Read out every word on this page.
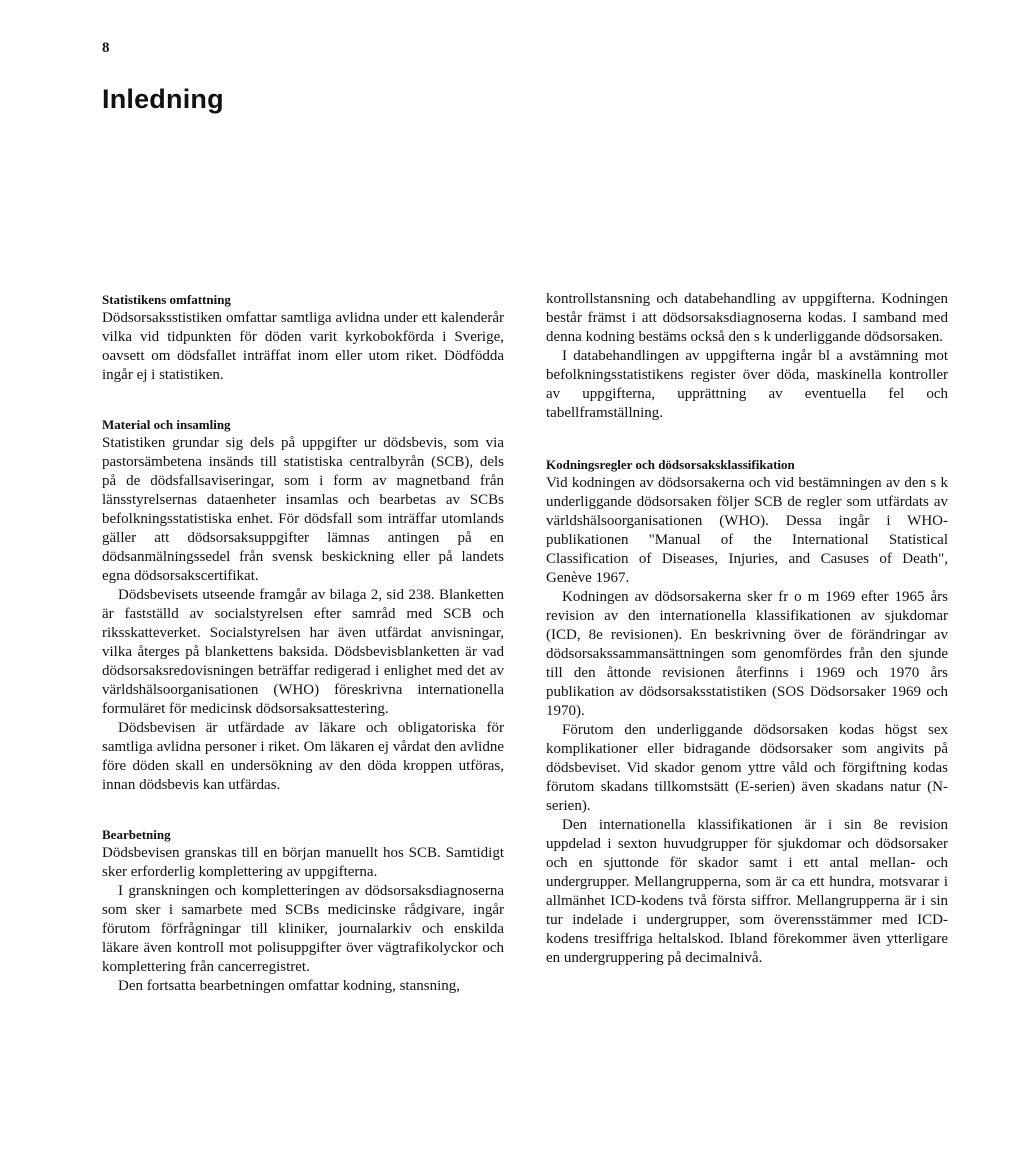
8
Inledning
Statistikens omfattning

Dödsorsaksstistiken omfattar samtliga avlidna under ett kalenderår vilka vid tidpunkten för döden varit kyrkobokförda i Sverige, oavsett om dödsfallet inträffat inom eller utom riket. Dödfödda ingår ej i statistiken.

Material och insamling

Statistiken grundar sig dels på uppgifter ur dödsbevis, som via pastorsämbetena insänds till statistiska centralbyrån (SCB), dels på de dödsfallsaviseringar, som i form av magnetband från länsstyrelsernas dataenheter insamlas och bearbetas av SCBs befolkningsstatistiska enhet. För dödsfall som inträffar utomlands gäller att dödsorsaksuppgifter lämnas antingen på en dödsanmälningssedel från svensk beskickning eller på landets egna dödsorsakscertifikat.

Dödsbevisets utseende framgår av bilaga 2, sid 238. Blanketten är fastställd av socialstyrelsen efter samråd med SCB och riksskatteverket. Socialstyrelsen har även utfärdat anvisningar, vilka återges på blankettens baksida. Dödsbevisblanketten är vad dödsorsaksredovisningen beträffar redigerad i enlighet med det av världshälsoorganisationen (WHO) föreskrivna internationella formuläret för medicinsk dödsorsaksattestering.

Dödsbevisen är utfärdade av läkare och obligatoriska för samtliga avlidna personer i riket. Om läkaren ej vårdat den avlidne före döden skall en undersökning av den döda kroppen utföras, innan dödsbevis kan utfärdas.

Bearbetning

Dödsbevisen granskas till en början manuellt hos SCB. Samtidigt sker erforderlig komplettering av uppgifterna.

I granskningen och kompletteringen av dödsorsaksdiagnoserna som sker i samarbete med SCBs medicinske rådgivare, ingår förutom förfrågningar till kliniker, journalarkiv och enskilda läkare även kontroll mot polisuppgifter över vägtrafikolyckor och komplettering från cancerregistret.

Den fortsatta bearbetningen omfattar kodning, stansning,

kontrollstansning och databehandling av uppgifterna. Kodningen består främst i att dödsorsaksdiagnoserna kodas. I samband med denna kodning bestäms också den s k underliggande dödsorsaken.

I databehandlingen av uppgifterna ingår bl a avstämning mot befolkningsstatistikens register över döda, maskinella kontroller av uppgifterna, upprättning av eventuella fel och tabellframställning.

Kodningsregler och dödsorsaksklassifikation

Vid kodningen av dödsorsakerna och vid bestämningen av den s k underliggande dödsorsaken följer SCB de regler som utfärdats av världshälsoorganisationen (WHO). Dessa ingår i WHO-publikationen "Manual of the International Statistical Classification of Diseases, Injuries, and Casuses of Death", Genève 1967.

Kodningen av dödsorsakerna sker fr o m 1969 efter 1965 års revision av den internationella klassifikationen av sjukdomar (ICD, 8e revisionen). En beskrivning över de förändringar av dödsorsakssammansättningen som genomfördes från den sjunde till den åttonde revisionen återfinns i 1969 och 1970 års publikation av dödsorsaksstatistiken (SOS Dödsorsaker 1969 och 1970).

Förutom den underliggande dödsorsaken kodas högst sex komplikationer eller bidragande dödsorsaker som angivits på dödsbeviset. Vid skador genom yttre våld och förgiftning kodas förutom skadans tillkomstsätt (E-serien) även skadans natur (N-serien).

Den internationella klassifikationen är i sin 8e revision uppdelad i sexton huvudgrupper för sjukdomar och dödsorsaker och en sjuttonde för skador samt i ett antal mellan- och undergrupper. Mellangrupperna, som är ca ett hundra, motsvarar i allmänhet ICD-kodens två första siffror. Mellangrupperna är i sin tur indelade i undergrupper, som överensstämmer med ICD-kodens tresiffriga heltalskod. Ibland förekommer även ytterligare en undergruppering på decimalnivå.
